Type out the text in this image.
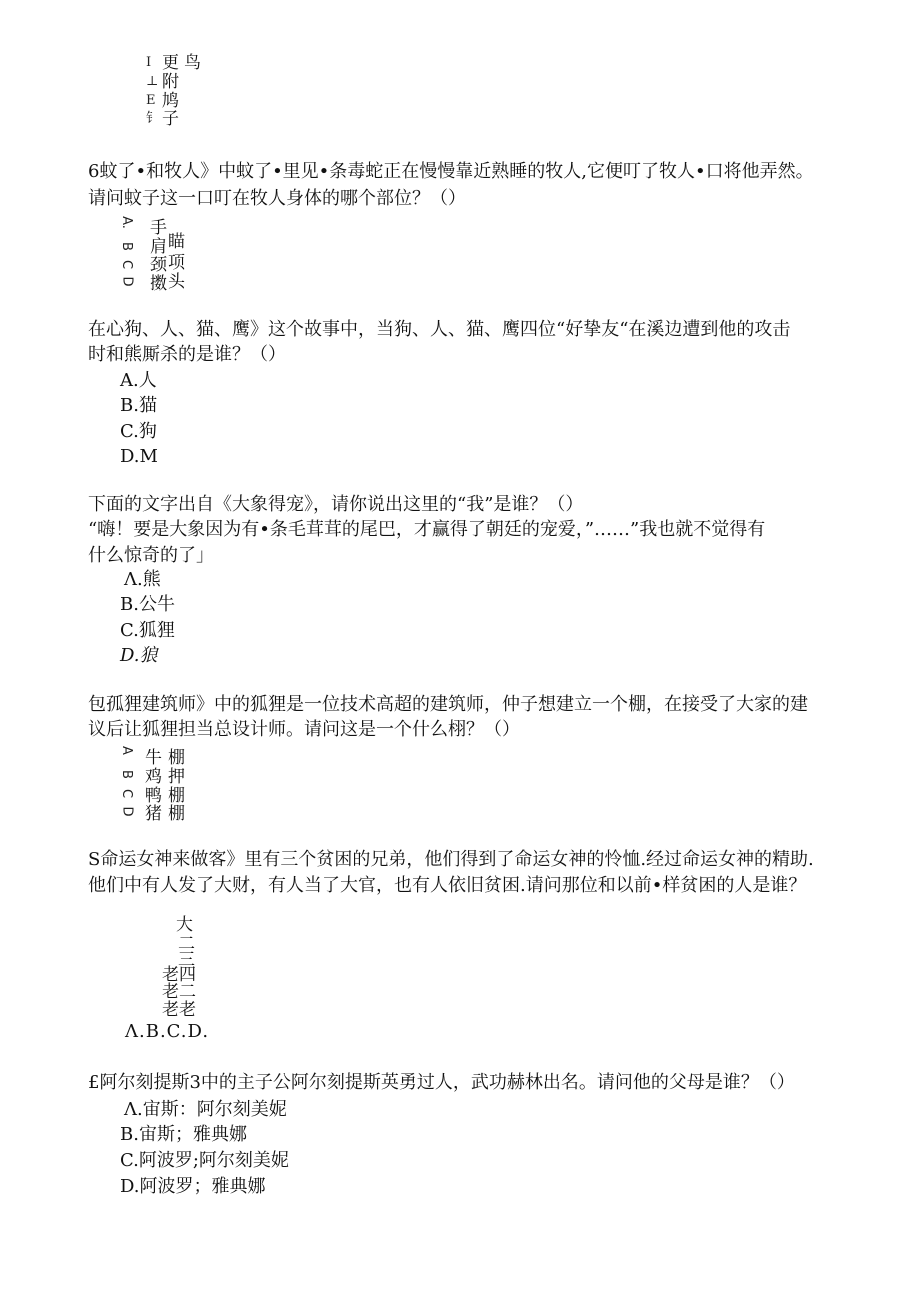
I
⊥
E
钅
更
附
鸠
子
鸟
6蚊了•和牧人》中蚊了•里见•条毒蛇正在慢慢靠近熟睡的牧人,它便叮了牧人•口将他弄然。
请问蚊子这一口叮在牧人身体的哪个部位？（）
A.
B
C
D
手
肩
颈
擞
瞄
项
头
在心狗、人、猫、鹰》这个故事中，当狗、人、猫、鹰四位“好挚友“在溪边遭到他的攻击
时和熊厮杀的是谁？（）
A.人
B.猫
C.狗
D.M
下面的文字出自《大象得宠》，请你说出这里的“我”是谁？（）
“嗨！要是大象因为有•条毛茸茸的尾巴，才赢得了朝廷的宠爱，”……”我也就不觉得有
什么惊奇的了」
Λ.熊
B.公牛
C.狐狸
D.狼
包孤狸建筑师》中的狐狸是一位技术高超的建筑师，仲子想建立一个棚，在接受了大家的建
议后让狐狸担当总设计师。请问这是一个什么栩？（）
A
B
C
D
牛
鸡
鸭
猪
棚
押
棚
棚
S命运女神来做客》里有三个贫困的兄弟，他们得到了命运女神的怜恤.经过命运女神的精助.
他们中有人发了大财，有人当了大官，也有人依旧贫困.请问那位和以前•样贫困的人是谁？
大
二
三
老四
老二
老老
Λ.B.C.D.
£阿尔刻提斯3中的主子公阿尔刻提斯英勇过人，武功赫林出名。请问他的父母是谁？（）
Λ.宙斯：阿尔刻美妮
B.宙斯；雅典娜
C.阿波罗;阿尔刻美妮
D.阿波罗；雅典娜
